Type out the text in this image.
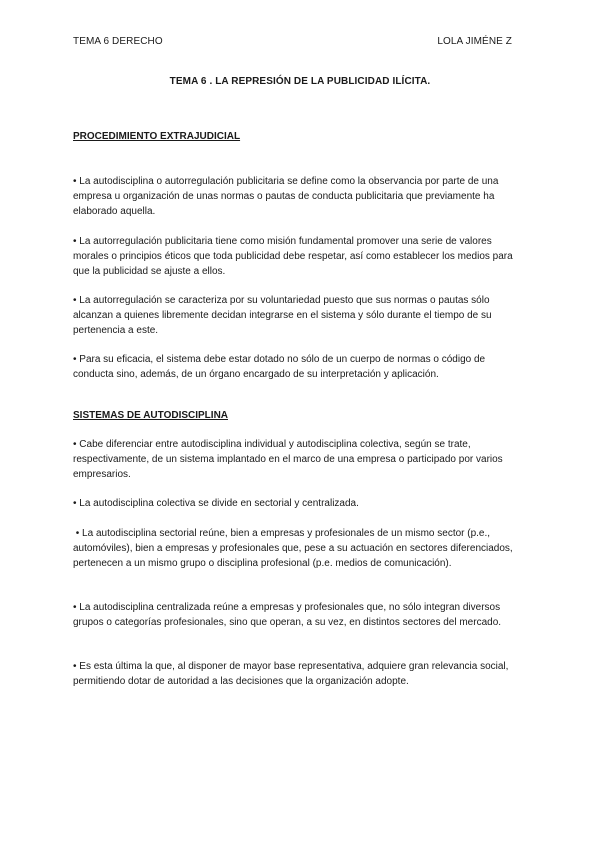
TEMA 6 DERECHO	LOLA JIMÉNE Z
TEMA 6 . LA REPRESIÓN DE LA PUBLICIDAD ILÍCITA.
PROCEDIMIENTO EXTRAJUDICIAL

• La autodisciplina o autorregulación publicitaria se define como la observancia por parte de una empresa u organización de unas normas o pautas de conducta publicitaria que previamente ha elaborado aquella.

• La autorregulación publicitaria tiene como misión fundamental promover una serie de valores morales o principios éticos que toda publicidad debe respetar, así como establecer los medios para que la publicidad se ajuste a ellos.

• La autorregulación se caracteriza por su voluntariedad puesto que sus normas o pautas sólo alcanzan a quienes libremente decidan integrarse en el sistema y sólo durante el tiempo de su pertenencia a este.

• Para su eficacia, el sistema debe estar dotado no sólo de un cuerpo de normas o código de conducta sino, además, de un órgano encargado de su interpretación y aplicación.

SISTEMAS DE AUTODISCIPLINA

• Cabe diferenciar entre autodisciplina individual y autodisciplina colectiva, según se trate, respectivamente, de un sistema implantado en el marco de una empresa o participado por varios empresarios.

• La autodisciplina colectiva se divide en sectorial y centralizada.

• La autodisciplina sectorial reúne, bien a empresas y profesionales de un mismo sector (p.e., automóviles), bien a empresas y profesionales que, pese a su actuación en sectores diferenciados, pertenecen a un mismo grupo o disciplina profesional (p.e. medios de comunicación).

• La autodisciplina centralizada reúne a empresas y profesionales que, no sólo integran diversos grupos o categorías profesionales, sino que operan, a su vez, en distintos sectores del mercado.

• Es esta última la que, al disponer de mayor base representativa, adquiere gran relevancia social, permitiendo dotar de autoridad a las decisiones que la organización adopte.
